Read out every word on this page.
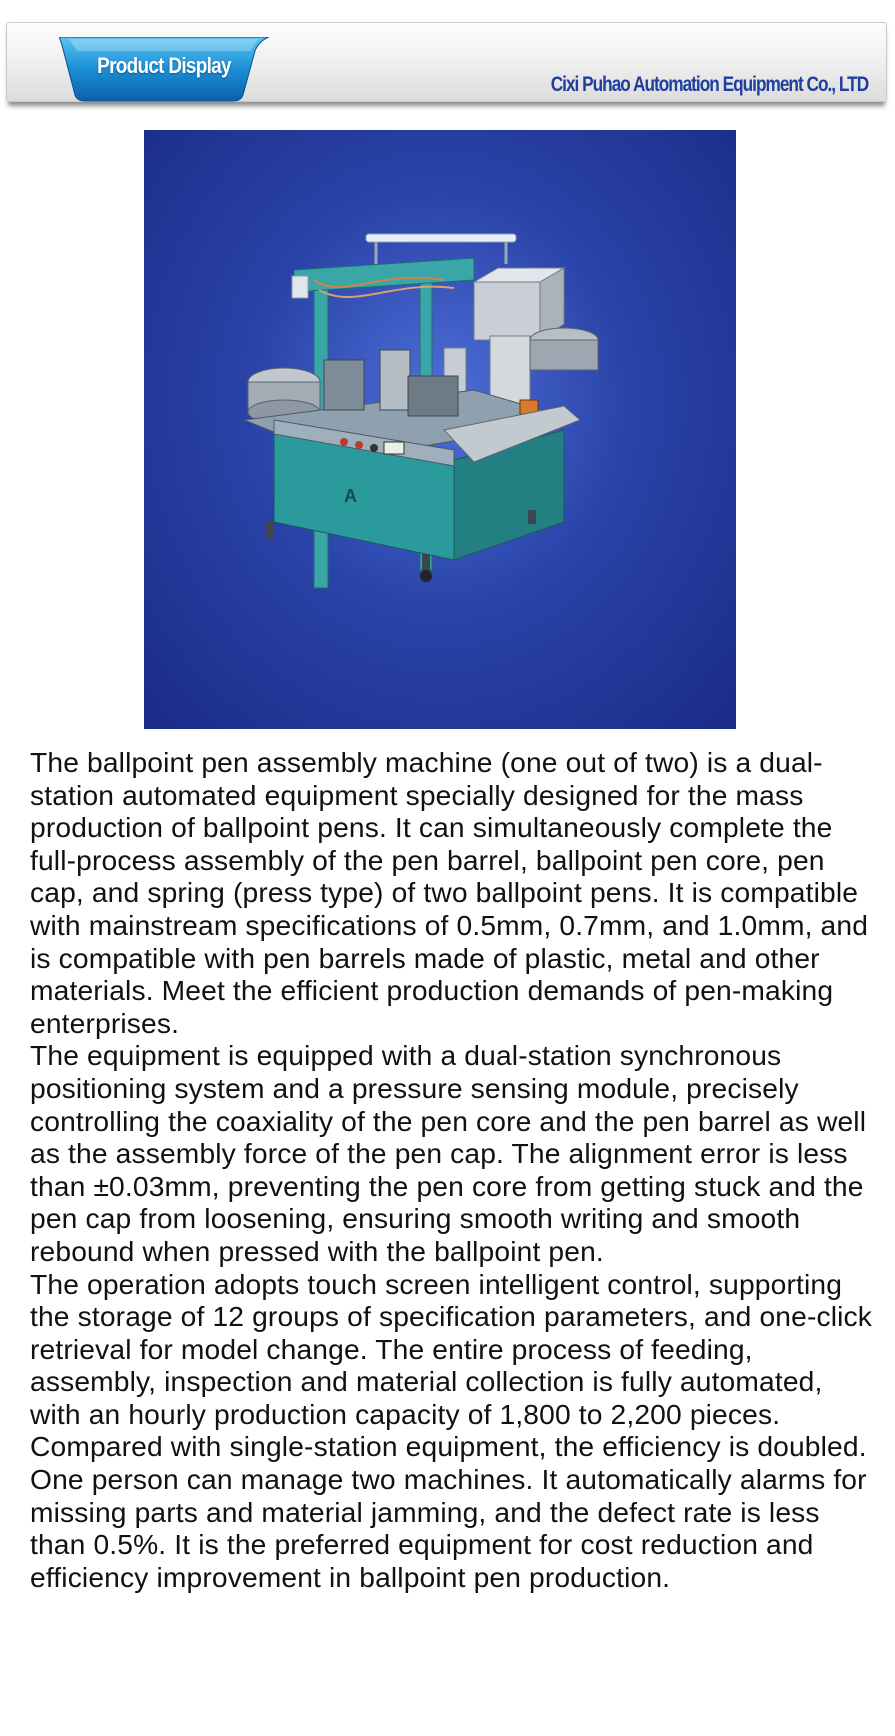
Product Display
Cixi Puhao Automation Equipment Co., LTD
A

The ballpoint pen assembly machine (one out of two) is a dual-station automated equipment specially designed for the mass production of ballpoint pens. It can simultaneously complete the full-process assembly of the pen barrel, ballpoint pen core, pen cap, and spring (press type) of two ballpoint pens. It is compatible with mainstream specifications of 0.5mm, 0.7mm, and 1.0mm, and is compatible with pen barrels made of plastic, metal and other materials. Meet the efficient production demands of pen-making enterprises.

The equipment is equipped with a dual-station synchronous positioning system and a pressure sensing module, precisely controlling the coaxiality of the pen core and the pen barrel as well as the assembly force of the pen cap. The alignment error is less than ±0.03mm, preventing the pen core from getting stuck and the pen cap from loosening, ensuring smooth writing and smooth rebound when pressed with the ballpoint pen.

The operation adopts touch screen intelligent control, supporting the storage of 12 groups of specification parameters, and one-click retrieval for model change. The entire process of feeding, assembly, inspection and material collection is fully automated, with an hourly production capacity of 1,800 to 2,200 pieces. Compared with single-station equipment, the efficiency is doubled. One person can manage two machines. It automatically alarms for missing parts and material jamming, and the defect rate is less than 0.5%. It is the preferred equipment for cost reduction and efficiency improvement in ballpoint pen production.
